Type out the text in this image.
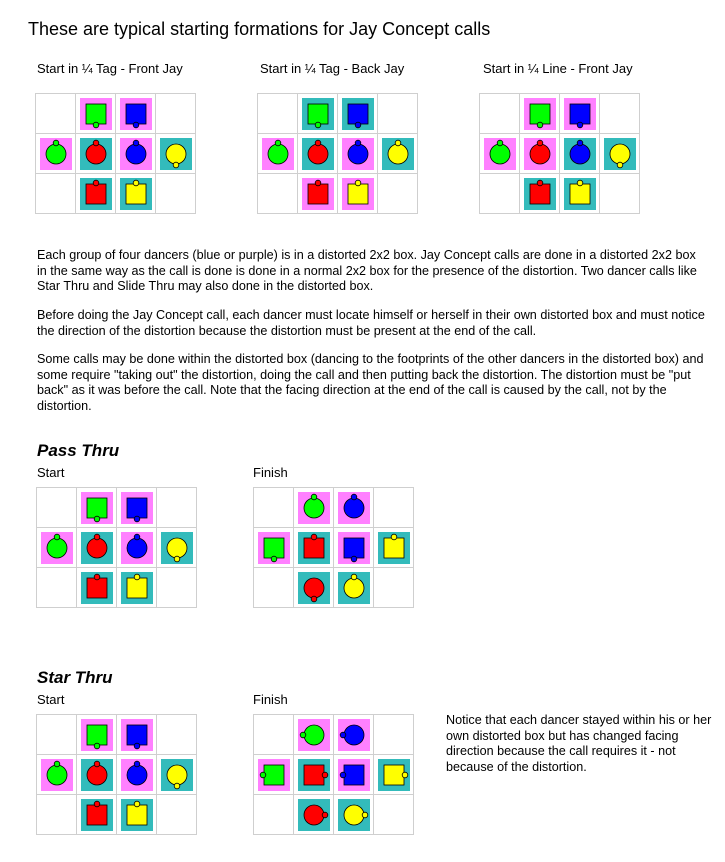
These are typical starting formations for Jay Concept calls
Start in ¼ Tag - Front Jay	Start in ¼ Tag - Back Jay	Start in ¼ Line - Front Jay

Each group of four dancers (blue or purple) is in a distorted 2x2 box. Jay Concept calls are done in a distorted 2x2 box in the same way as the call is done is done in a normal 2x2 box for the presence of the distortion. Two dancer calls like Star Thru and Slide Thru may also done in the distorted box.

Before doing the Jay Concept call, each dancer must locate himself or herself in their own distorted box and must notice the direction of the distortion because the distortion must be present at the end of the call.

Some calls may be done within the distorted box (dancing to the footprints of the other dancers in the distorted box) and some require "taking out" the distortion, doing the call and then putting back the distortion. The distortion must be "put back" as it was before the call. Note that the facing direction at the end of the call is caused by the call, not by the distortion.

Pass Thru
Start	Finish
Star Thru
Start	Finish

Notice that each dancer stayed within his or her own distorted box but has changed facing direction because the call requires it - not because of the distortion.
